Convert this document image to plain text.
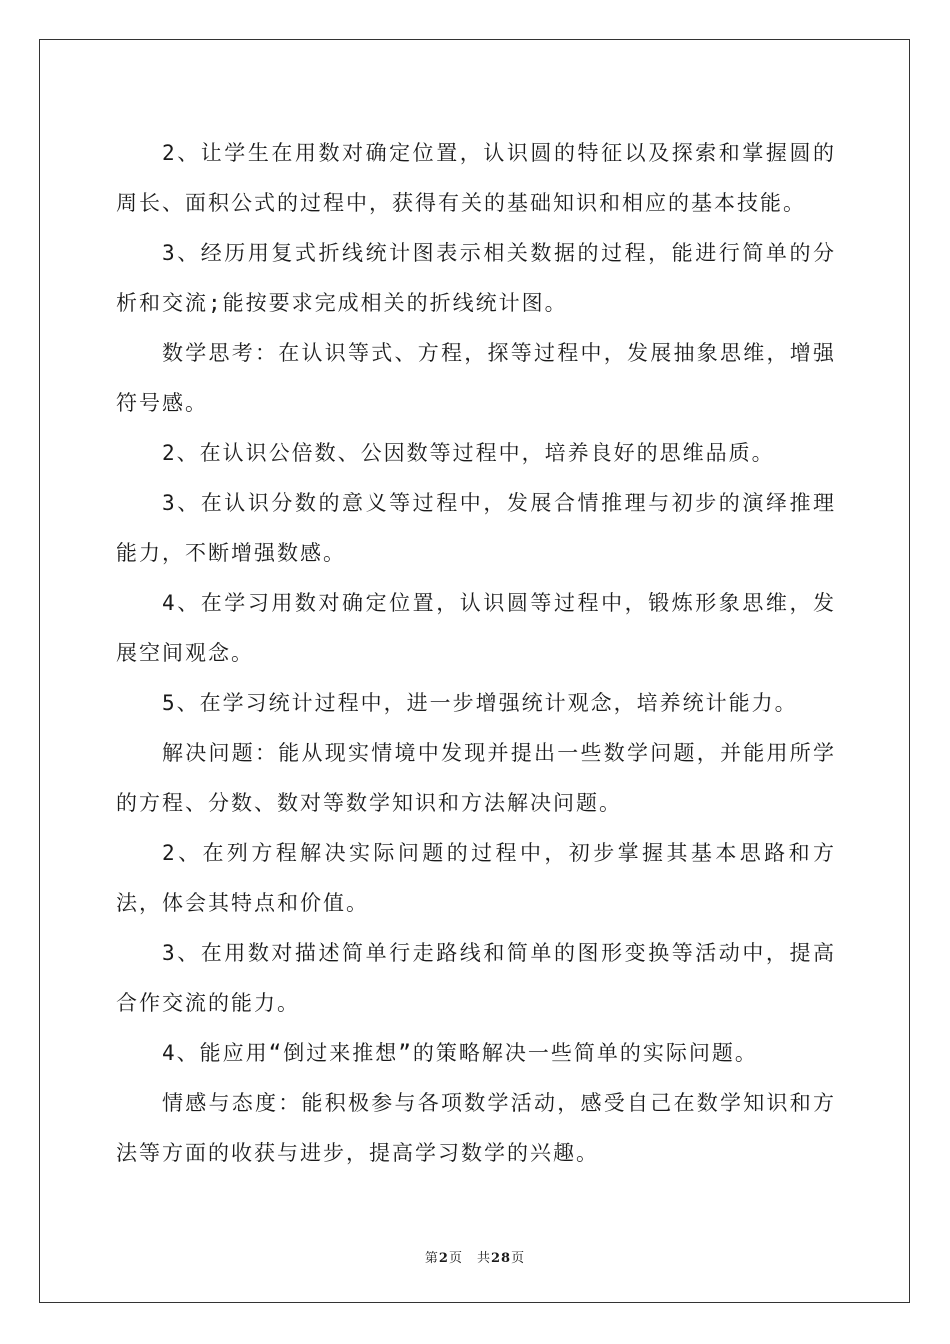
2、让学生在用数对确定位置，认识圆的特征以及探索和掌握圆的周长、面积公式的过程中，获得有关的基础知识和相应的基本技能。

3、经历用复式折线统计图表示相关数据的过程，能进行简单的分析和交流;能按要求完成相关的折线统计图。

数学思考：在认识等式、方程，探等过程中，发展抽象思维，增强符号感。

2、在认识公倍数、公因数等过程中，培养良好的思维品质。

3、在认识分数的意义等过程中，发展合情推理与初步的演绎推理能力，不断增强数感。

4、在学习用数对确定位置，认识圆等过程中，锻炼形象思维，发展空间观念。

5、在学习统计过程中，进一步增强统计观念，培养统计能力。

解决问题：能从现实情境中发现并提出一些数学问题，并能用所学的方程、分数、数对等数学知识和方法解决问题。

2、在列方程解决实际问题的过程中，初步掌握其基本思路和方法，体会其特点和价值。

3、在用数对描述简单行走路线和简单的图形变换等活动中，提高合作交流的能力。

4、能应用“倒过来推想”的策略解决一些简单的实际问题。

情感与态度：能积极参与各项数学活动，感受自己在数学知识和方法等方面的收获与进步，提高学习数学的兴趣。

第2页 共28页
